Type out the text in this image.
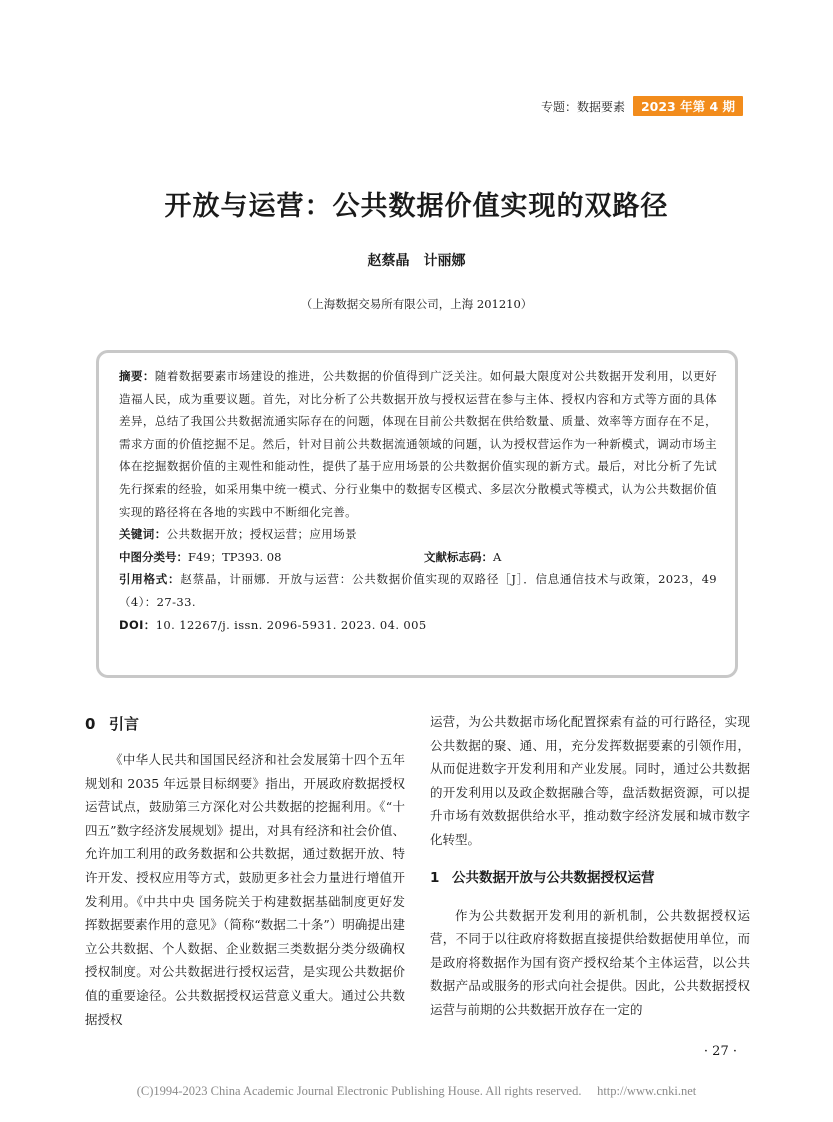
专题：数据要素	2023 年第 4 期
开放与运营：公共数据价值实现的双路径
赵蔡晶　计丽娜
（上海数据交易所有限公司，上海 201210）

摘要：随着数据要素市场建设的推进，公共数据的价值得到广泛关注。如何最大限度对公共数据开发利用，以更好造福人民，成为重要议题。首先，对比分析了公共数据开放与授权运营在参与主体、授权内容和方式等方面的具体差异，总结了我国公共数据流通实际存在的问题，体现在目前公共数据在供给数量、质量、效率等方面存在不足，需求方面的价值挖掘不足。然后，针对目前公共数据流通领域的问题，认为授权营运作为一种新模式，调动市场主体在挖掘数据价值的主观性和能动性，提供了基于应用场景的公共数据价值实现的新方式。最后，对比分析了先试先行探索的经验，如采用集中统一模式、分行业集中的数据专区模式、多层次分散模式等模式，认为公共数据价值实现的路径将在各地的实践中不断细化完善。

关键词：公共数据开放；授权运营；应用场景

中图分类号：F49；TP393. 08	文献标志码：A

引用格式：赵蔡晶，计丽娜．开放与运营：公共数据价值实现的双路径［J］．信息通信技术与政策，2023，49（4）：27-33.

DOI：10. 12267/j. issn. 2096-5931. 2023. 04. 005

0 引言

《中华人民共和国国民经济和社会发展第十四个五年规划和 2035 年远景目标纲要》指出，开展政府数据授权运营试点，鼓励第三方深化对公共数据的挖掘利用。《“十四五”数字经济发展规划》提出，对具有经济和社会价值、允许加工利用的政务数据和公共数据，通过数据开放、特许开发、授权应用等方式，鼓励更多社会力量进行增值开发利用。《中共中央 国务院关于构建数据基础制度更好发挥数据要素作用的意见》（简称“数据二十条”）明确提出建立公共数据、个人数据、企业数据三类数据分类分级确权授权制度。对公共数据进行授权运营，是实现公共数据价值的重要途径。公共数据授权运营意义重大。通过公共数据授权

运营，为公共数据市场化配置探索有益的可行路径，实现公共数据的聚、通、用，充分发挥数据要素的引领作用，从而促进数字开发利用和产业发展。同时，通过公共数据的开发利用以及政企数据融合等，盘活数据资源，可以提升市场有效数据供给水平，推动数字经济发展和城市数字化转型。

1 公共数据开放与公共数据授权运营

作为公共数据开发利用的新机制，公共数据授权运营，不同于以往政府将数据直接提供给数据使用单位，而是政府将数据作为国有资产授权给某个主体运营，以公共数据产品或服务的形式向社会提供。因此，公共数据授权运营与前期的公共数据开放存在一定的

· 27 ·
(C)1994-2023 China Academic Journal Electronic Publishing House. All rights reserved.　 http://www.cnki.net
